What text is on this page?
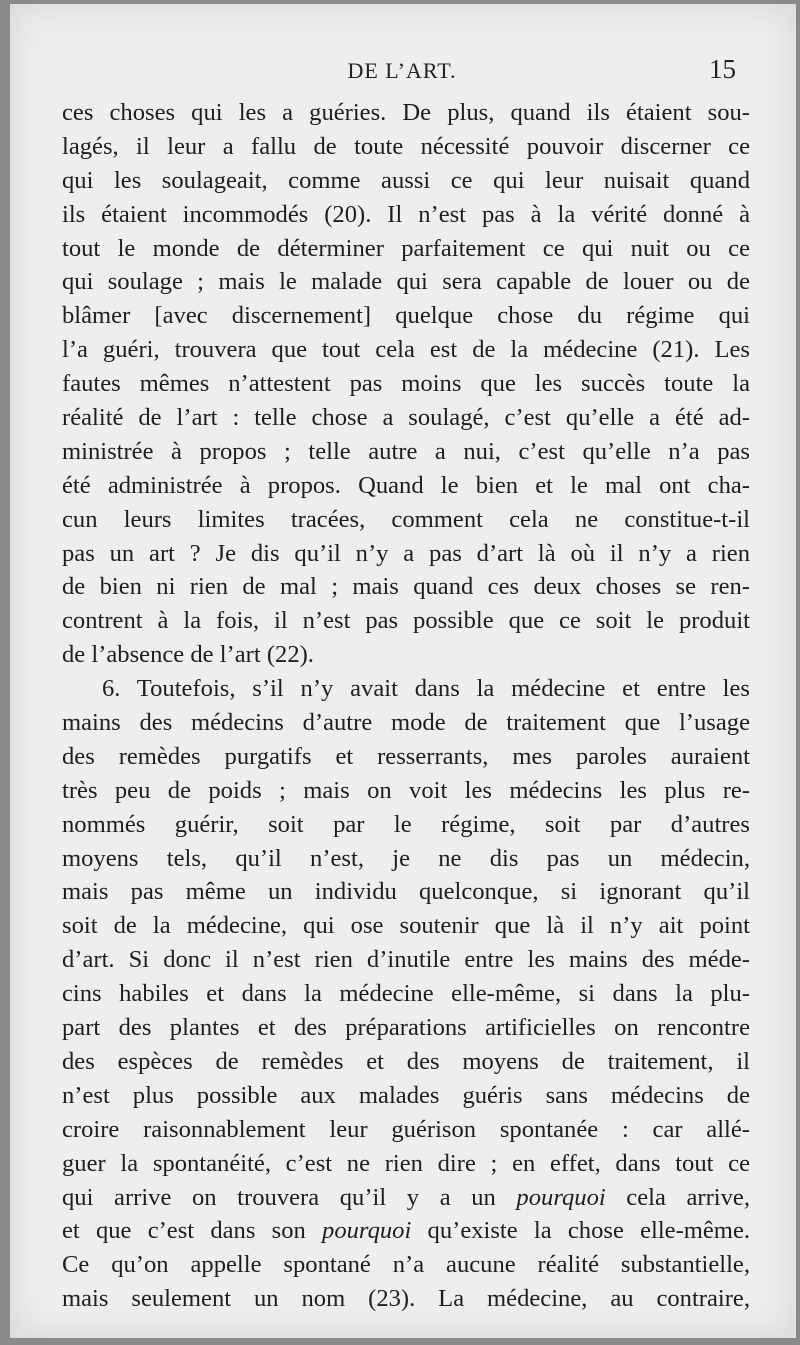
DE L’ART.	15
ces choses qui les a guéries. De plus, quand ils étaient sou-
lagés, il leur a fallu de toute nécessité pouvoir discerner ce
qui les soulageait, comme aussi ce qui leur nuisait quand
ils étaient incommodés (20). Il n’est pas à la vérité donné à
tout le monde de déterminer parfaitement ce qui nuit ou ce
qui soulage ; mais le malade qui sera capable de louer ou de
blâmer [avec discernement] quelque chose du régime qui
l’a guéri, trouvera que tout cela est de la médecine (21). Les
fautes mêmes n’attestent pas moins que les succès toute la
réalité de l’art : telle chose a soulagé, c’est qu’elle a été ad-
ministrée à propos ; telle autre a nui, c’est qu’elle n’a pas
été administrée à propos. Quand le bien et le mal ont cha-
cun leurs limites tracées, comment cela ne constitue-t-il
pas un art ? Je dis qu’il n’y a pas d’art là où il n’y a rien
de bien ni rien de mal ; mais quand ces deux choses se ren-
contrent à la fois, il n’est pas possible que ce soit le produit
de l’absence de l’art (22).
6. Toutefois, s’il n’y avait dans la médecine et entre les
mains des médecins d’autre mode de traitement que l’usage
des remèdes purgatifs et resserrants, mes paroles auraient
très peu de poids ; mais on voit les médecins les plus re-
nommés guérir, soit par le régime, soit par d’autres
moyens tels, qu’il n’est, je ne dis pas un médecin,
mais pas même un individu quelconque, si ignorant qu’il
soit de la médecine, qui ose soutenir que là il n’y ait point
d’art. Si donc il n’est rien d’inutile entre les mains des méde-
cins habiles et dans la médecine elle-même, si dans la plu-
part des plantes et des préparations artificielles on rencontre
des espèces de remèdes et des moyens de traitement, il
n’est plus possible aux malades guéris sans médecins de
croire raisonnablement leur guérison spontanée : car allé-
guer la spontanéité, c’est ne rien dire ; en effet, dans tout ce
qui arrive on trouvera qu’il y a un pourquoi cela arrive,
et que c’est dans son pourquoi qu’existe la chose elle-même.
Ce qu’on appelle spontané n’a aucune réalité substantielle,
mais seulement un nom (23). La médecine, au contraire,
